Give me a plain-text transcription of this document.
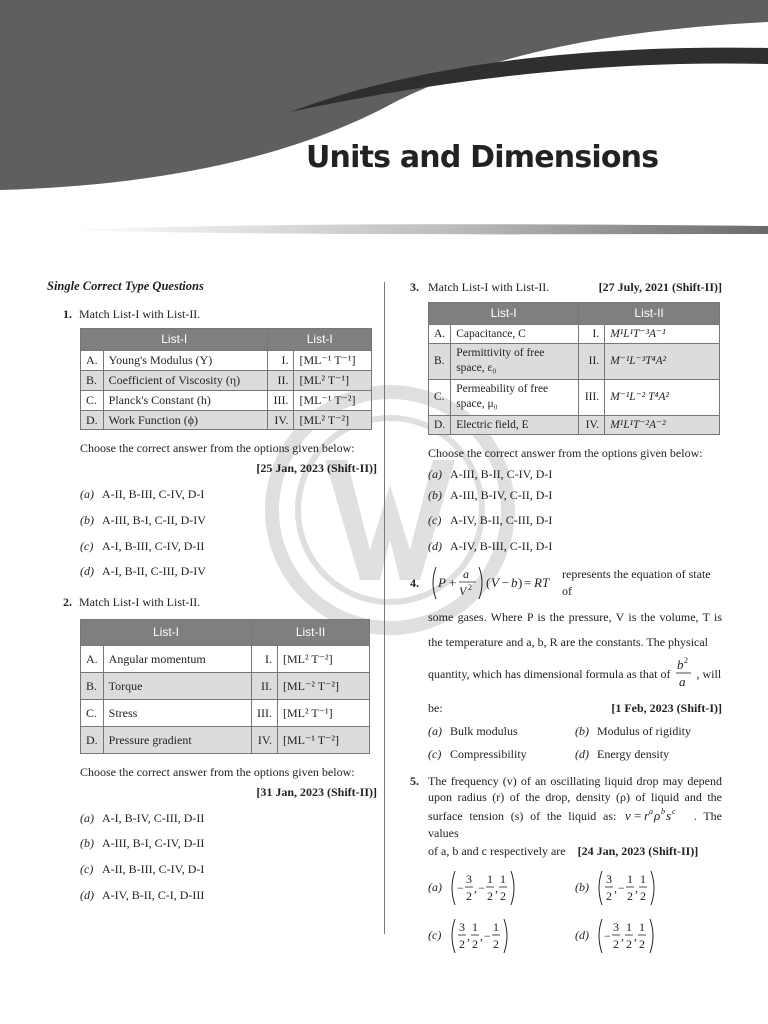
Units and Dimensions
Single Correct Type Questions
1. Match List-I with List-II.
List-I		List-I	
A.	Young's Modulus (Y)	I.	[ML⁻¹ T⁻¹]
B.	Coefficient of Viscosity (η)	II.	[ML² T⁻¹]
C.	Planck's Constant (h)	III.	[ML⁻¹ T⁻²]
D.	Work Function (ϕ)	IV.	[ML² T⁻²]
Choose the correct answer from the options given below:
[25 Jan, 2023 (Shift-II)]
(a) A-II, B-III, C-IV, D-I
(b) A-III, B-I, C-II, D-IV
(c) A-I, B-III, C-IV, D-II
(d) A-I, B-II, C-III, D-IV
2. Match List-I with List-II.
List-I		List-II	
A.	Angular momentum	I.	[ML² T⁻²]
B.	Torque	II.	[ML⁻² T⁻²]
C.	Stress	III.	[ML² T⁻¹]
D.	Pressure gradient	IV.	[ML⁻¹ T⁻²]
Choose the correct answer from the options given below:
[31 Jan, 2023 (Shift-II)]
(a) A-I, B-IV, C-III, D-II
(b) A-III, B-I, C-IV, D-II
(c) A-II, B-III, C-IV, D-I
(d) A-IV, B-II, C-I, D-III
3. Match List-I with List-II.	[27 July, 2021 (Shift-II)]
List-I		List-II	
A.	Capacitance, C	I.	M¹L¹T⁻³A⁻¹
B.	Permittivity of free space, ε₀	II.	M⁻¹L⁻³T⁴A²
C.	Permeability of free space, μ₀	III.	M⁻¹L⁻² T⁴A²
D.	Electric field, E	IV.	M¹L¹T⁻²A⁻²
Choose the correct answer from the options given below:
(a) A-III, B-II, C-IV, D-I
(b) A-III, B-IV, C-II, D-I
(c) A-IV, B-II, C-III, D-I
(d) A-IV, B-III, C-II, D-I
4.	P +
a
V 2 ( V − b ) = RT
represents the equation of state of
some gases. Where P is the pressure, V is the volume, T is the temperature and a, b, R are the constants. The physical
quantity, which has dimensional formula as that of
b 2
a
, will
be:	[1 Feb, 2023 (Shift-I)]
(a) Bulk modulus	(b) Modulus of rigidity
(c) Compressibility	(d) Energy density
5. The frequency (v) of an oscillating liquid drop may depend upon radius (r) of the drop, density (ρ) of liquid and the surface tension (s) of the liquid as: v = r a ρ b s c . The values
of a, b and c respectively are [24 Jan, 2023 (Shift-II)]
(a)	−
3
2
, −
1
2
,
1
2
(b)
3
2
, −
1
2
,
1
2
(c)
3
2
,
1
2
, −
1
2
(d)	−
3
2
,
1
2
,
1
2
